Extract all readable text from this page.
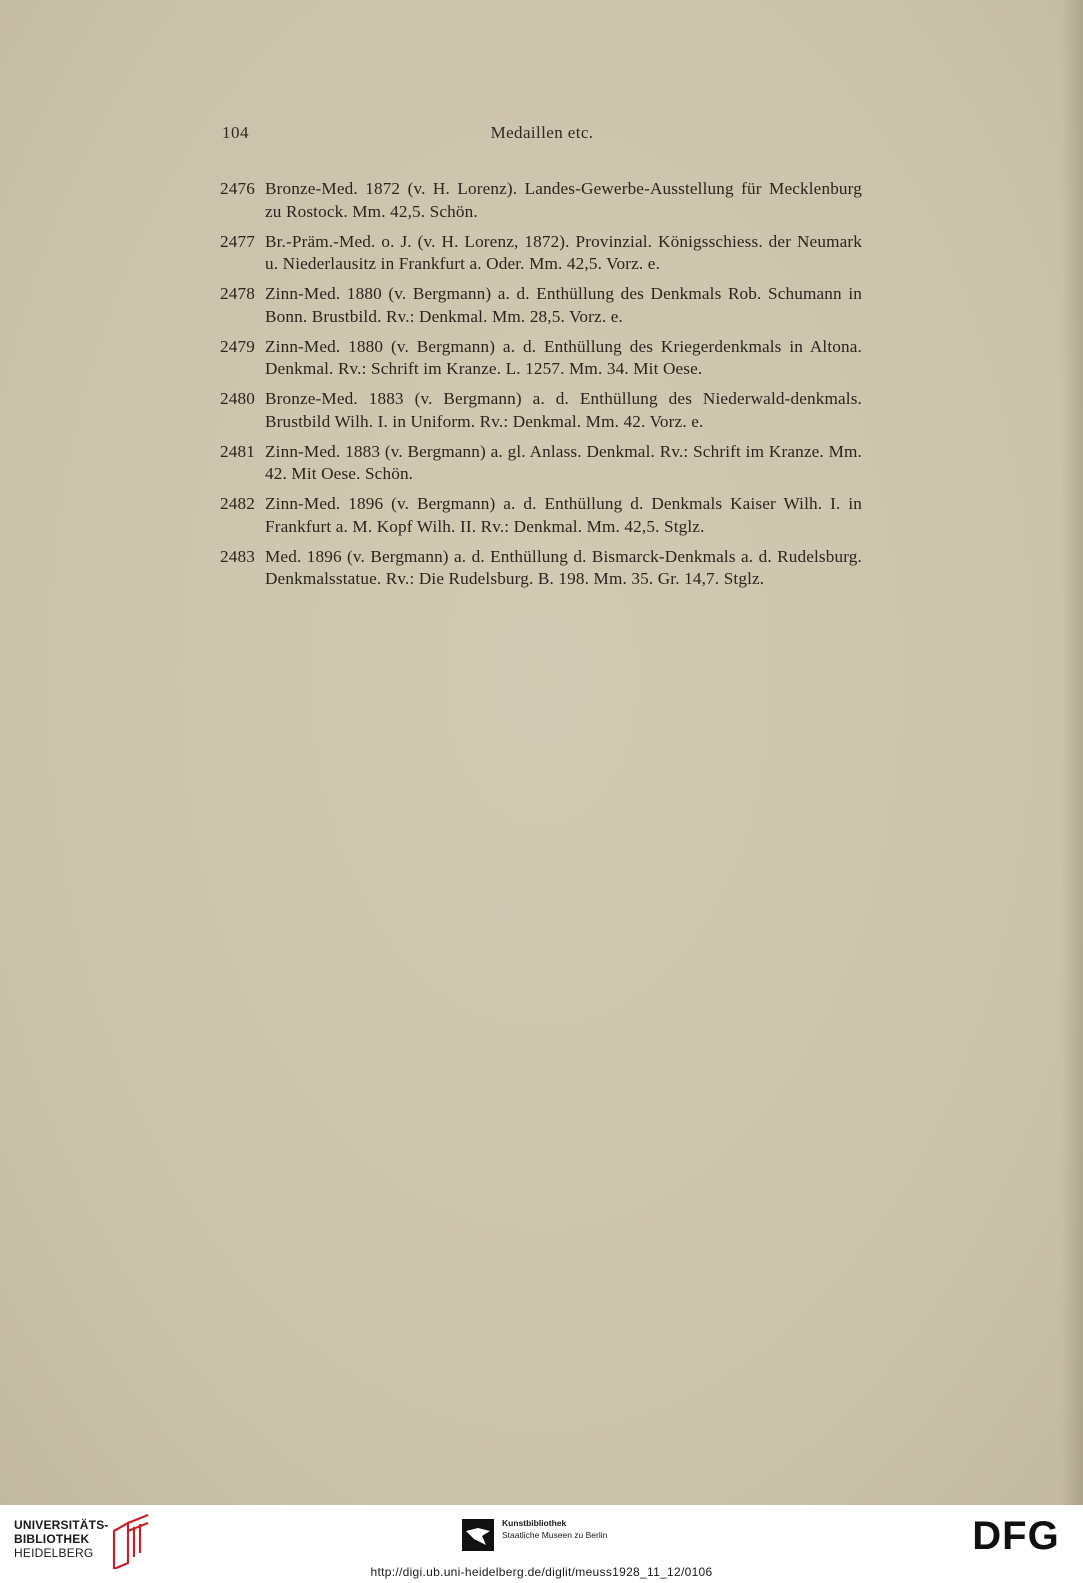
104	Medaillen etc.
2476 Bronze-Med. 1872 (v. H. Lorenz). Landes-Gewerbe-Ausstellung für Mecklenburg zu Rostock. Mm. 42,5. Schön.
2477 Br.-Präm.-Med. o. J. (v. H. Lorenz, 1872). Provinzial. Königsschiess. der Neumark u. Niederlausitz in Frankfurt a. Oder. Mm. 42,5. Vorz. e.
2478 Zinn-Med. 1880 (v. Bergmann) a. d. Enthüllung des Denkmals Rob. Schumann in Bonn. Brustbild. Rv.: Denkmal. Mm. 28,5. Vorz. e.
2479 Zinn-Med. 1880 (v. Bergmann) a. d. Enthüllung des Kriegerdenkmals in Altona. Denkmal. Rv.: Schrift im Kranze. L. 1257. Mm. 34. Mit Oese.
2480 Bronze-Med. 1883 (v. Bergmann) a. d. Enthüllung des Niederwald-denkmals. Brustbild Wilh. I. in Uniform. Rv.: Denkmal. Mm. 42. Vorz. e.
2481 Zinn-Med. 1883 (v. Bergmann) a. gl. Anlass. Denkmal. Rv.: Schrift im Kranze. Mm. 42. Mit Oese. Schön.
2482 Zinn-Med. 1896 (v. Bergmann) a. d. Enthüllung d. Denkmals Kaiser Wilh. I. in Frankfurt a. M. Kopf Wilh. II. Rv.: Denkmal. Mm. 42,5. Stglz.
2483 Med. 1896 (v. Bergmann) a. d. Enthüllung d. Bismarck-Denkmals a. d. Rudelsburg. Denkmalsstatue. Rv.: Die Rudelsburg. B. 198. Mm. 35. Gr. 14,7. Stglz.
UNIVERSITÄTS-
BIBLIOTHEK
HEIDELBERG
Kunstbibliothek
Staatliche Museen zu Berlin	DFG
http://digi.ub.uni-heidelberg.de/diglit/meuss1928_11_12/0106
